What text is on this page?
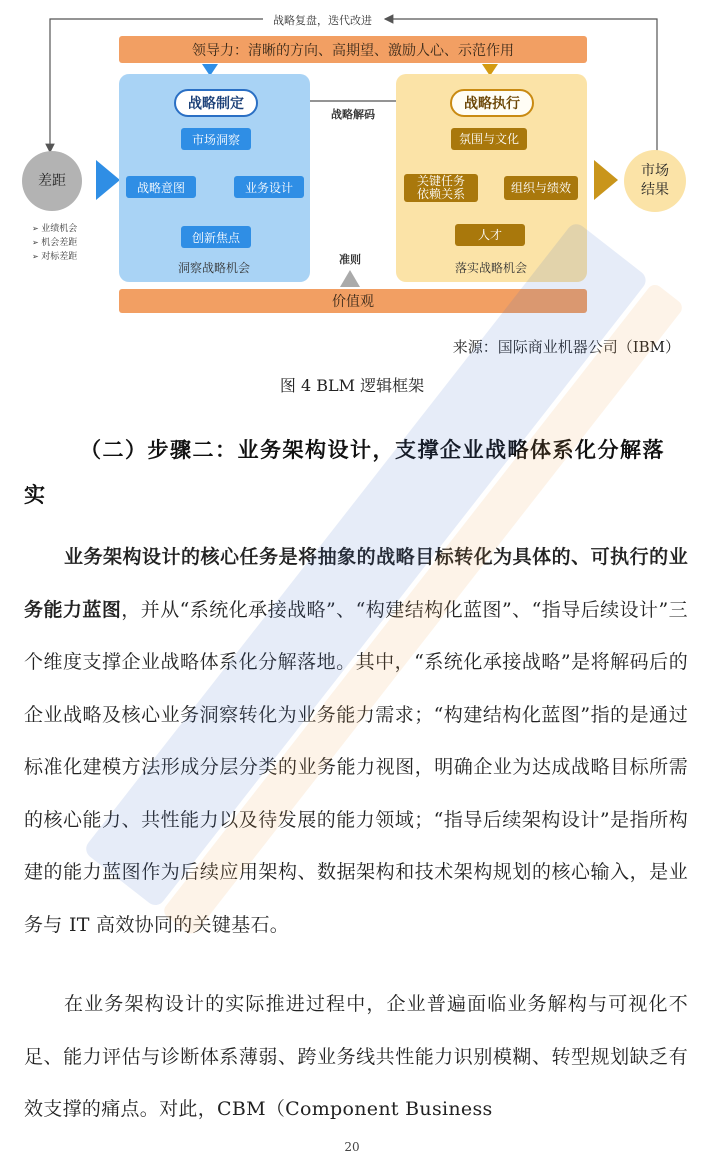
战略复盘，迭代改进
领导力：清晰的方向、高期望、激励人心、示范作用
战略制定	战略执行
战略解码
市场洞察
战略意图	业务设计
创新焦点
洞察战略机会
氛围与文化
关键任务
依赖关系	组织与绩效
人才
落实战略机会
差距
➢ 业绩机会
➢ 机会差距
➢ 对标差距
市场
结果
准则
价值观
来源：国际商业机器公司（IBM）
图 4 BLM 逻辑框架
（二）步骤二：业务架构设计，支撑企业战略体系化分解落实
业务架构设计的核心任务是将抽象的战略目标转化为具体的、可执行的业务能力蓝图，并从“系统化承接战略”、“构建结构化蓝图”、“指导后续设计”三个维度支撑企业战略体系化分解落地。其中，“系统化承接战略”是将解码后的企业战略及核心业务洞察转化为业务能力需求；“构建结构化蓝图”指的是通过标准化建模方法形成分层分类的业务能力视图，明确企业为达成战略目标所需的核心能力、共性能力以及待发展的能力领域；“指导后续架构设计”是指所构建的能力蓝图作为后续应用架构、数据架构和技术架构规划的核心输入，是业务与 IT 高效协同的关键基石。
在业务架构设计的实际推进过程中，企业普遍面临业务解构与可视化不足、能力评估与诊断体系薄弱、跨业务线共性能力识别模糊、转型规划缺乏有效支撑的痛点。对此，CBM（Component Business
20
